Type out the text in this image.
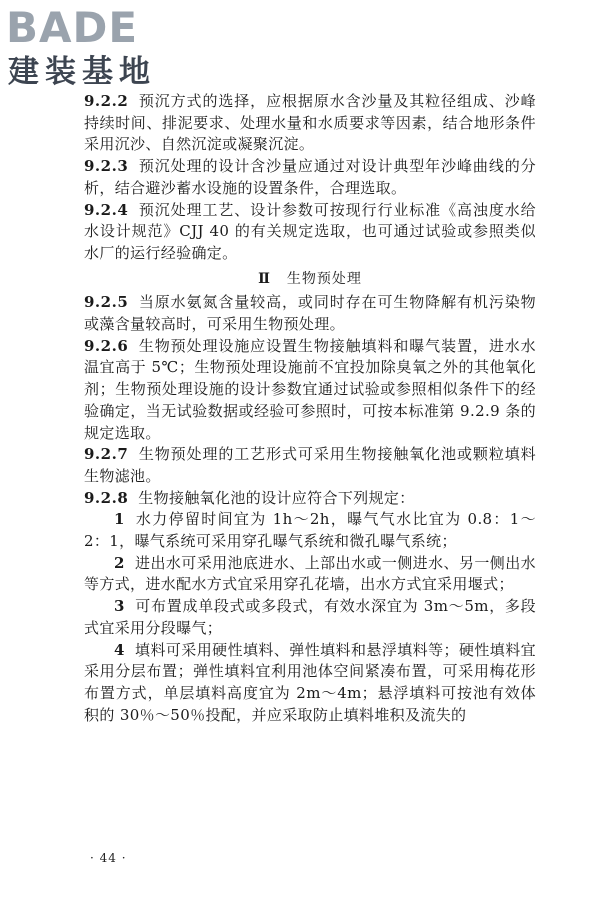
BADE
建装基地

9.2.2 预沉方式的选择，应根据原水含沙量及其粒径组成、沙峰持续时间、排泥要求、处理水量和水质要求等因素，结合地形条件采用沉沙、自然沉淀或凝聚沉淀。

9.2.3 预沉处理的设计含沙量应通过对设计典型年沙峰曲线的分析，结合避沙蓄水设施的设置条件，合理选取。

9.2.4 预沉处理工艺、设计参数可按现行行业标准《高浊度水给水设计规范》CJJ 40 的有关规定选取，也可通过试验或参照类似水厂的运行经验确定。

Ⅱ 生物预处理

9.2.5 当原水氨氮含量较高，或同时存在可生物降解有机污染物或藻含量较高时，可采用生物预处理。

9.2.6 生物预处理设施应设置生物接触填料和曝气装置，进水水温宜高于 5℃；生物预处理设施前不宜投加除臭氧之外的其他氧化剂；生物预处理设施的设计参数宜通过试验或参照相似条件下的经验确定，当无试验数据或经验可参照时，可按本标准第 9.2.9 条的规定选取。

9.2.7 生物预处理的工艺形式可采用生物接触氧化池或颗粒填料生物滤池。

9.2.8 生物接触氧化池的设计应符合下列规定：

1 水力停留时间宜为 1h～2h，曝气气水比宜为 0.8：1～2：1，曝气系统可采用穿孔曝气系统和微孔曝气系统；

2 进出水可采用池底进水、上部出水或一侧进水、另一侧出水等方式，进水配水方式宜采用穿孔花墙，出水方式宜采用堰式；

3 可布置成单段式或多段式，有效水深宜为 3m～5m，多段式宜采用分段曝气；

4 填料可采用硬性填料、弹性填料和悬浮填料等；硬性填料宜采用分层布置；弹性填料宜利用池体空间紧凑布置，可采用梅花形布置方式，单层填料高度宜为 2m～4m；悬浮填料可按池有效体积的 30％～50％投配，并应采取防止填料堆积及流失的

· 44 ·
